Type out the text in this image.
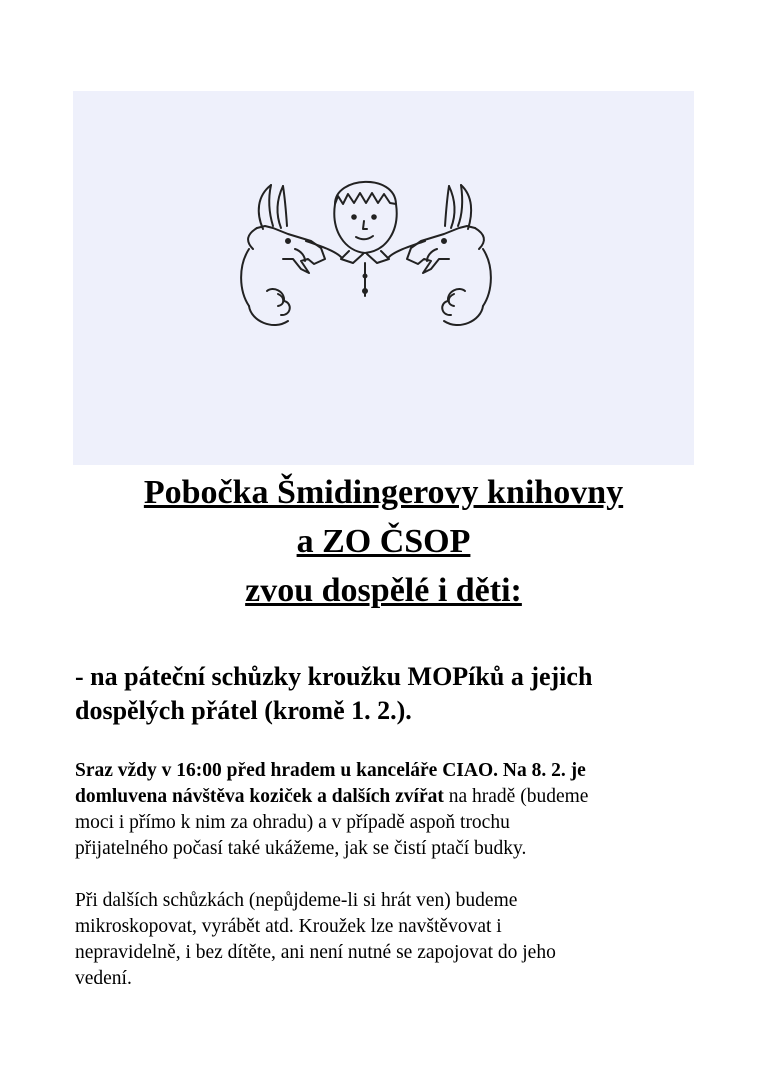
Pobočka Šmidingerovy knihovny
a ZO ČSOP
zvou dospělé i děti:

- na páteční schůzky kroužku MOPíků a jejich

dospělých přátel (kromě 1. 2.).

Sraz vždy v 16:00 před hradem u kanceláře CIAO. Na 8. 2. je

domluvena návštěva koziček a dalších zvířat na hradě (budeme

moci i přímo k nim za ohradu) a v případě aspoň trochu

přijatelného počasí také ukážeme, jak se čistí ptačí budky.

Při dalších schůzkách (nepůjdeme-li si hrát ven) budeme

mikroskopovat, vyrábět atd. Kroužek lze navštěvovat i

nepravidelně, i bez dítěte, ani není nutné se zapojovat do jeho

vedení.
